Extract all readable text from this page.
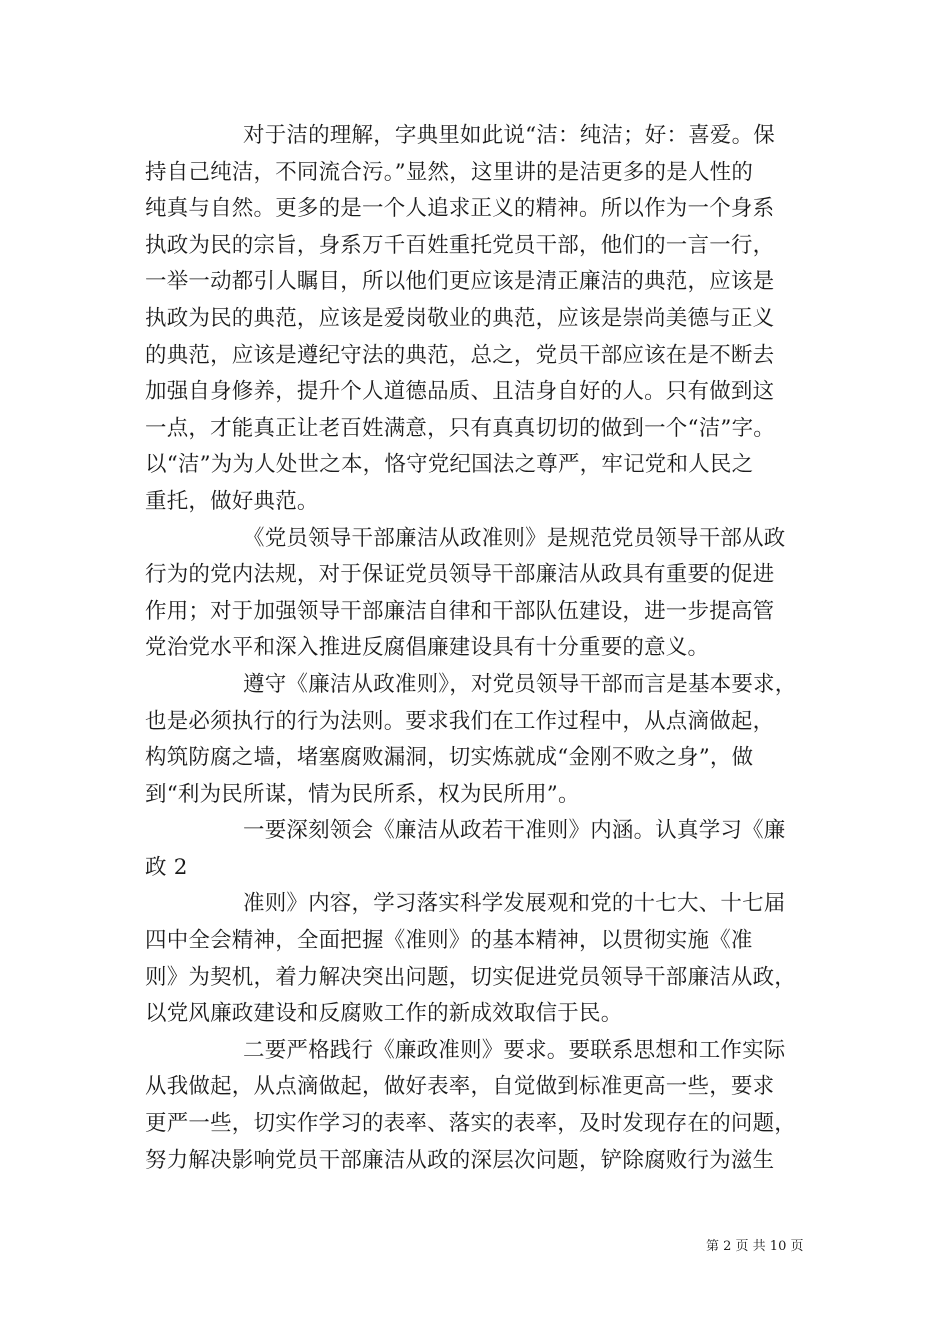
对于洁的理解，字典里如此说“洁：纯洁；好：喜爱。保
持自己纯洁，不同流合污。”显然，这里讲的是洁更多的是人性的
纯真与自然。更多的是一个人追求正义的精神。所以作为一个身系
执政为民的宗旨，身系万千百姓重托党员干部，他们的一言一行，
一举一动都引人瞩目，所以他们更应该是清正廉洁的典范，应该是
执政为民的典范，应该是爱岗敬业的典范，应该是崇尚美德与正义
的典范，应该是遵纪守法的典范，总之，党员干部应该在是不断去
加强自身修养，提升个人道德品质、且洁身自好的人。只有做到这
一点，才能真正让老百姓满意，只有真真切切的做到一个“洁”字。
以“洁”为为人处世之本，恪守党纪国法之尊严，牢记党和人民之
重托，做好典范。
《党员领导干部廉洁从政准则》是规范党员领导干部从政
行为的党内法规，对于保证党员领导干部廉洁从政具有重要的促进
作用；对于加强领导干部廉洁自律和干部队伍建设，进一步提高管
党治党水平和深入推进反腐倡廉建设具有十分重要的意义。
遵守《廉洁从政准则》，对党员领导干部而言是基本要求，
也是必须执行的行为法则。要求我们在工作过程中，从点滴做起，
构筑防腐之墙，堵塞腐败漏洞，切实炼就成“金刚不败之身”，做
到“利为民所谋，情为民所系，权为民所用”。
一要深刻领会《廉洁从政若干准则》内涵。认真学习《廉
政 2
准则》内容，学习落实科学发展观和党的十七大、十七届
四中全会精神，全面把握《准则》的基本精神，以贯彻实施《准
则》为契机，着力解决突出问题，切实促进党员领导干部廉洁从政，
以党风廉政建设和反腐败工作的新成效取信于民。
二要严格践行《廉政准则》要求。要联系思想和工作实际
从我做起，从点滴做起，做好表率，自觉做到标准更高一些，要求
更严一些，切实作学习的表率、落实的表率，及时发现存在的问题，
努力解决影响党员干部廉洁从政的深层次问题，铲除腐败行为滋生
第 2 页 共 10 页
